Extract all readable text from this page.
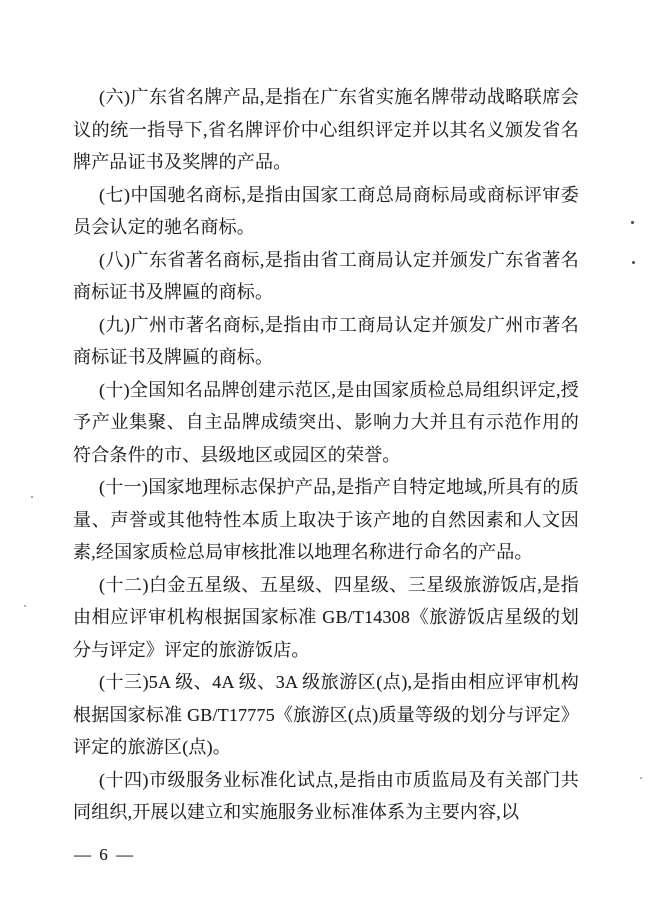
(六)广东省名牌产品,是指在广东省实施名牌带动战略联席会议的统一指导下,省名牌评价中心组织评定并以其名义颁发省名牌产品证书及奖牌的产品。

(七)中国驰名商标,是指由国家工商总局商标局或商标评审委员会认定的驰名商标。

(八)广东省著名商标,是指由省工商局认定并颁发广东省著名商标证书及牌匾的商标。

(九)广州市著名商标,是指由市工商局认定并颁发广州市著名商标证书及牌匾的商标。

(十)全国知名品牌创建示范区,是由国家质检总局组织评定,授予产业集聚、自主品牌成绩突出、影响力大并且有示范作用的符合条件的市、县级地区或园区的荣誉。

(十一)国家地理标志保护产品,是指产自特定地域,所具有的质量、声誉或其他特性本质上取决于该产地的自然因素和人文因素,经国家质检总局审核批准以地理名称进行命名的产品。

(十二)白金五星级、五星级、四星级、三星级旅游饭店,是指由相应评审机构根据国家标准 GB/T14308《旅游饭店星级的划分与评定》评定的旅游饭店。

(十三)5A 级、4A 级、3A 级旅游区(点),是指由相应评审机构根据国家标准 GB/T17775《旅游区(点)质量等级的划分与评定》评定的旅游区(点)。

(十四)市级服务业标准化试点,是指由市质监局及有关部门共同组织,开展以建立和实施服务业标准体系为主要内容,以

— 6 —
